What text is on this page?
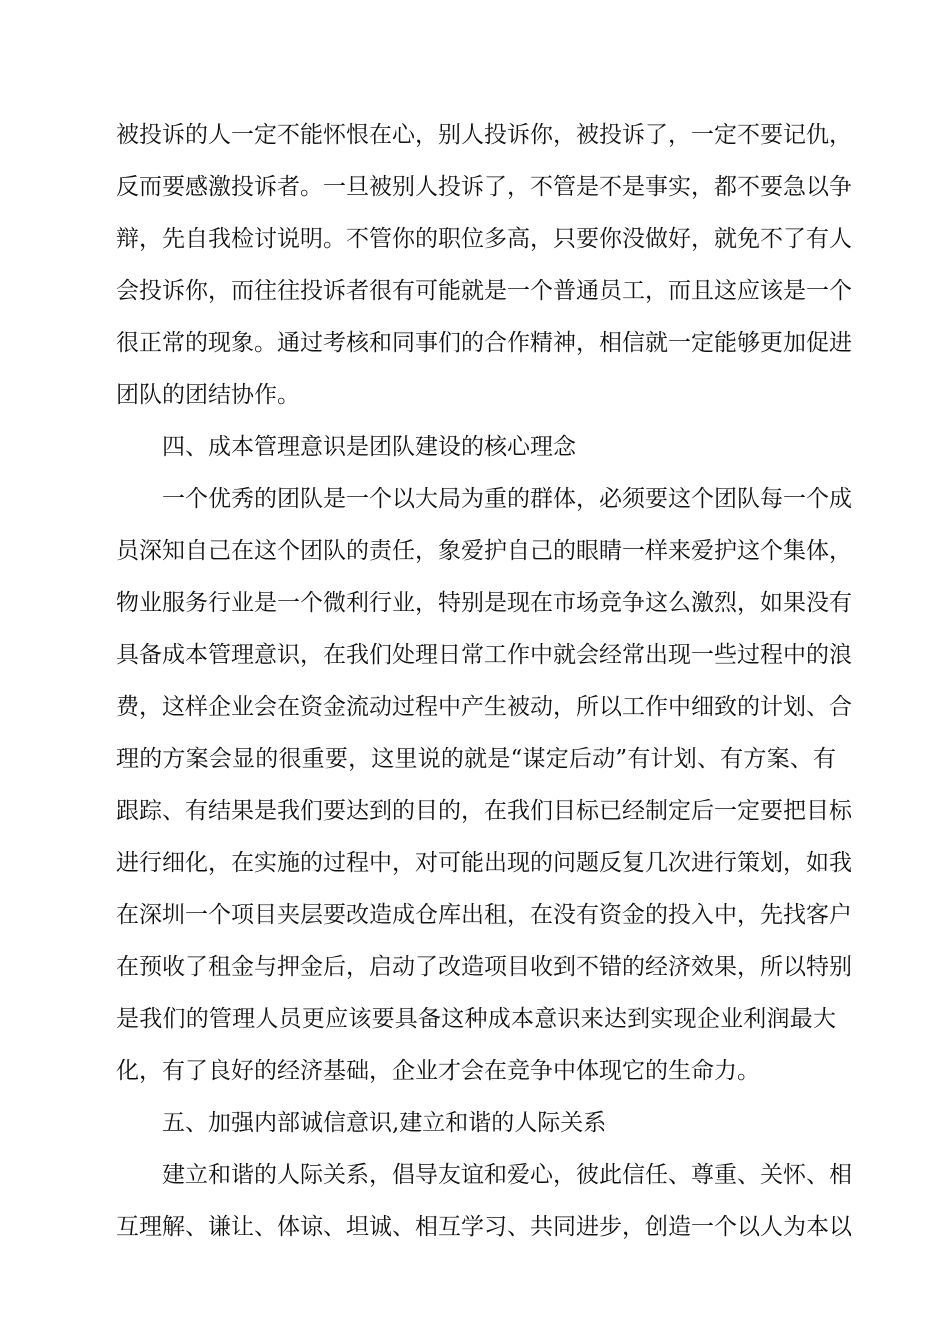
被投诉的人一定不能怀恨在心，别人投诉你，被投诉了，一定不要记仇，
反而要感激投诉者。一旦被别人投诉了，不管是不是事实，都不要急以争
辩，先自我检讨说明。不管你的职位多高，只要你没做好，就免不了有人
会投诉你，而往往投诉者很有可能就是一个普通员工，而且这应该是一个
很正常的现象。通过考核和同事们的合作精神，相信就一定能够更加促进
团队的团结协作。
四、成本管理意识是团队建设的核心理念
一个优秀的团队是一个以大局为重的群体，必须要这个团队每一个成
员深知自己在这个团队的责任，象爱护自己的眼睛一样来爱护这个集体，
物业服务行业是一个微利行业，特别是现在市场竞争这么激烈，如果没有
具备成本管理意识，在我们处理日常工作中就会经常出现一些过程中的浪
费，这样企业会在资金流动过程中产生被动，所以工作中细致的计划、合
理的方案会显的很重要，这里说的就是“谋定后动”有计划、有方案、有
跟踪、有结果是我们要达到的目的，在我们目标已经制定后一定要把目标
进行细化，在实施的过程中，对可能出现的问题反复几次进行策划，如我
在深圳一个项目夹层要改造成仓库出租，在没有资金的投入中，先找客户
在预收了租金与押金后，启动了改造项目收到不错的经济效果，所以特别
是我们的管理人员更应该要具备这种成本意识来达到实现企业利润最大
化，有了良好的经济基础，企业才会在竞争中体现它的生命力。
五、加强内部诚信意识,建立和谐的人际关系
建立和谐的人际关系，倡导友谊和爱心，彼此信任、尊重、关怀、相
互理解、谦让、体谅、坦诚、相互学习、共同进步，创造一个以人为本以
